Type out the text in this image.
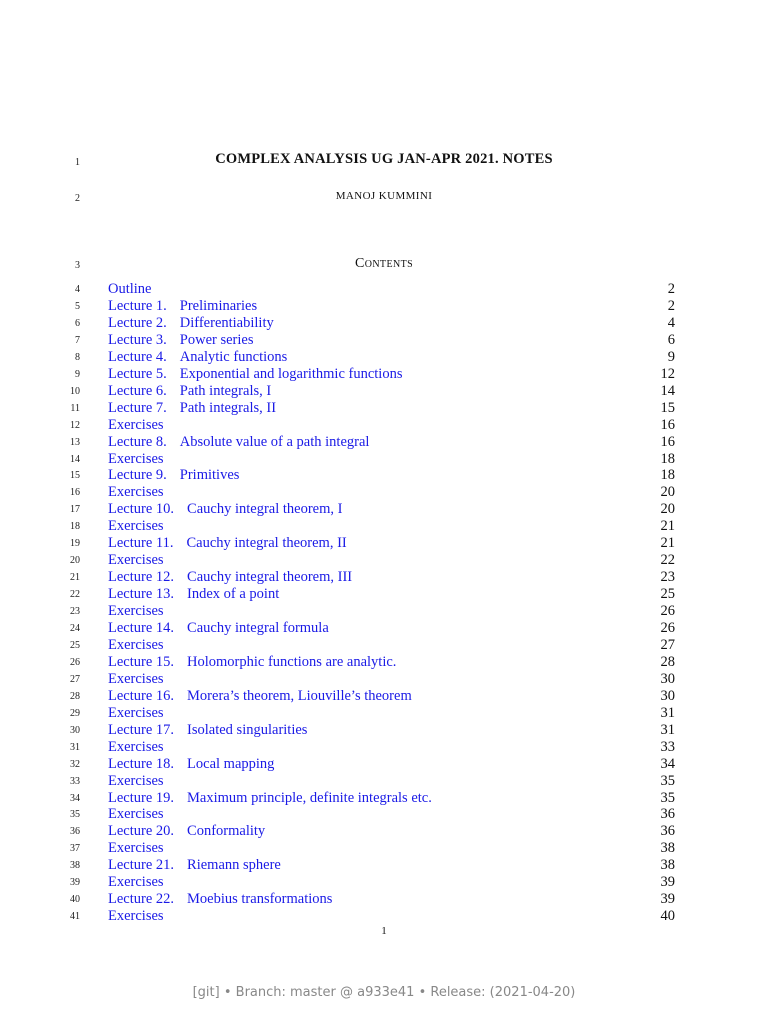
1	COMPLEX ANALYSIS UG JAN-APR 2021. NOTES
2	MANOJ KUMMINI
3	Contents
4 Outline	2
5 Lecture 1. Preliminaries	2
6 Lecture 2. Differentiability	4
7 Lecture 3. Power series	6
8 Lecture 4. Analytic functions	9
9 Lecture 5. Exponential and logarithmic functions	12
10 Lecture 6. Path integrals, I	14
11 Lecture 7. Path integrals, II	15
12 Exercises	16
13 Lecture 8. Absolute value of a path integral	16
14 Exercises	18
15 Lecture 9. Primitives	18
16 Exercises	20
17 Lecture 10. Cauchy integral theorem, I	20
18 Exercises	21
19 Lecture 11. Cauchy integral theorem, II	21
20 Exercises	22
21 Lecture 12. Cauchy integral theorem, III	23
22 Lecture 13. Index of a point	25
23 Exercises	26
24 Lecture 14. Cauchy integral formula	26
25 Exercises	27
26 Lecture 15. Holomorphic functions are analytic.	28
27 Exercises	30
28 Lecture 16. Morera’s theorem, Liouville’s theorem	30
29 Exercises	31
30 Lecture 17. Isolated singularities	31
31 Exercises	33
32 Lecture 18. Local mapping	34
33 Exercises	35
34 Lecture 19. Maximum principle, definite integrals etc.	35
35 Exercises	36
36 Lecture 20. Conformality	36
37 Exercises	38
38 Lecture 21. Riemann sphere	38
39 Exercises	39
40 Lecture 22. Moebius transformations	39
41 Exercises	40
1
[git] • Branch: master @ a933e41 • Release: (2021-04-20)
